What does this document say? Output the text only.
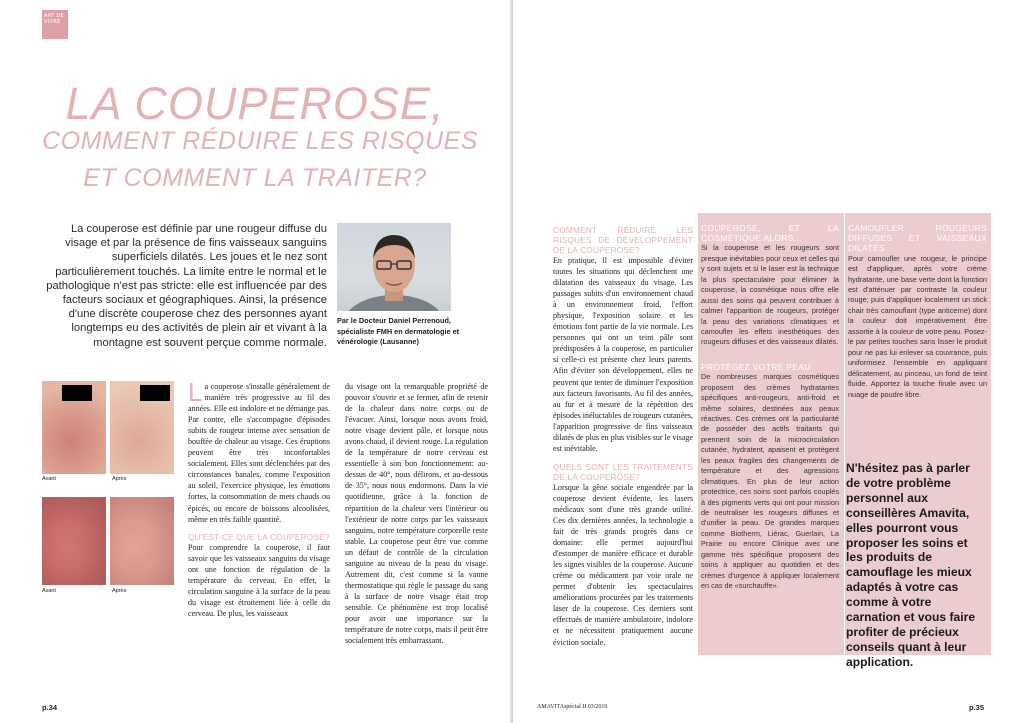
ART DE VIVRE
LA COUPEROSE,
COMMENT RÉDUIRE LES RISQUES
ET COMMENT LA TRAITER?

La couperose est définie par une rougeur diffuse du visage et par la présence de fins vaisseaux sanguins superficiels dilatés. Les joues et le nez sont particulièrement touchés. La limite entre le normal et le pathologique n'est pas stricte: elle est influencée par des facteurs sociaux et géographiques. Ainsi, la présence d'une discrète couperose chez des personnes ayant longtemps eu des activités de plein air et vivant à la montagne est souvent perçue comme normale.

Par le Docteur Daniel Perrenoud, spécialiste FMH en dermatologie et vénérologie (Lausanne)

Avant	Après
Avant	Après

La couperose s'installe généralement de manière très progressive au fil des années. Elle est indolore et ne démange pas. Par contre, elle s'accompagne d'épisodes subits de rougeur intense avec sensation de bouffée de chaleur au visage. Ces éruptions peuvent être très inconfortables socialement. Elles sont déclenchées par des circonstances banales, comme l'exposition au soleil, l'exercice physique, les émotions fortes, la consommation de mets chauds ou épicés, ou encore de boissons alcoolisées, même en très faible quantité.

QU'EST-CE QUE LA COUPEROSE?

Pour comprendre la couperose, il faut savoir que les vaisseaux sanguins du visage ont une fonction de régulation de la température du cerveau. En effet, la circulation sanguine à la surface de la peau du visage est étroitement liée à celle du cerveau. De plus, les vaisseaux

du visage ont la remarquable propriété de pouvoir s'ouvrir et se fermer, afin de retenir de la chaleur dans notre corps ou de l'évacuer. Ainsi, lorsque nous avons froid, notre visage devient pâle, et lorsque nous avons chaud, il devient rouge. La régulation de la température de notre cerveau est essentielle à son bon fonctionnement: au-dessus de 40°, nous délirons, et au-dessous de 35°, nous nous endormons. Dans la vie quotidienne, grâce à la fonction de répartition de la chaleur vers l'intérieur ou l'extérieur de notre corps par les vaisseaux sanguins, notre température corporelle reste stable. La couperose peut être vue comme un défaut de contrôle de la circulation sanguine au niveau de la peau du visage. Autrement dit, c'est comme si la vanne thermostatique qui règle le passage du sang à la surface de notre visage était trop sensible. Ce phénomène est trop localisé pour avoir une importance sur la température de notre corps, mais il peut être socialement très embarrassant.

p.34

COMMENT RÉDUIRE LES RISQUES DE DÉVELOPPEMENT DE LA COUPEROSE?

En pratique, il est impossible d'éviter toutes les situations qui déclenchent une dilatation des vaisseaux du visage. Les passages subits d'un environnement chaud à un environnement froid, l'effort physique, l'exposition solaire et les émotions font partie de la vie normale. Les personnes qui ont un teint pâle sont prédisposées à la couperose, en particulier si celle-ci est présente chez leurs parents. Afin d'éviter son développement, elles ne peuvent que tenter de diminuer l'exposition aux facteurs favorisants. Au fil des années, au fur et à mesure de la répétition des épisodes inéluctables de rougeurs cutanées, l'apparition progressive de fins vaisseaux dilatés de plus en plus visibles sur le visage est inévitable.

QUELS SONT LES TRAITEMENTS DE LA COUPEROSE?

Lorsque la gêne sociale engendrée par la couperose devient évidente, les lasers médicaux sont d'une très grande utilité. Ces dix dernières années, la technologie a fait de très grands progrès dans ce domaine: elle permet aujourd'hui d'estomper de manière efficace et durable les signes visibles de la couperose. Aucune crème ou médicament par voie orale ne permet d'obtenir les spectaculaires améliorations procurées par les traitements laser de la couperose. Ces derniers sont effectués de manière ambulatoire, indolore et ne nécessitent pratiquement aucune éviction sociale.

COUPEROSE, ET LA COSMÉTIQUE ALORS...

Si la couperose et les rougeurs sont presque inévitables pour ceux et celles qui y sont sujets et si le laser est la technique la plus spectaculaire pour éliminer la couperose, la cosmétique nous offre elle aussi des soins qui peuvent contribuer à calmer l'apparition de rougeurs, protéger la peau des variations climatiques et camoufler les effets inesthétiques des rougeurs diffuses et des vaisseaux dilatés.

PROTÉGEZ VOTRE PEAU

De nombreuses marques cosmétiques proposent des crèmes hydratantes spécifiques anti-rougeurs, anti-froid et même solaires, destinées aux peaux réactives. Ces crèmes ont la particularité de posséder des actifs traitants qui prennent soin de la microcirculation cutanée, hydratent, apaisent et protègent les peaux fragiles des changements de température et des agressions climatiques. En plus de leur action protectrice, ces soins sont parfois couplés à des pigments verts qui ont pour mission de neutraliser les rougeurs diffuses et d'unifier la peau. De grandes marques comme Biotherm, Liérac, Guerlain, La Prairie ou encore Clinique avec une gamme très spécifique proposent des soins à appliquer au quotidien et des crèmes d'urgence à appliquer localement en cas de «surchauffe».

CAMOUFLER ROUGEURS DIFFUSES ET VAISSEAUX DILATÉS

Pour camoufler une rougeur, le principe est d'appliquer, après votre crème hydratante, une base verte dont la fonction est d'atténuer par contraste la couleur rouge; puis d'appliquer localement un stick chair très camouflant (type anticerne) dont la couleur doit impérativement être assortie à la couleur de votre peau. Posez-le par petites touches sans lisser le produit pour ne pas lui enlever sa couvrance, puis uniformisez l'ensemble en appliquant délicatement, au pinceau, un fond de teint fluide. Apportez la touche finale avec un nuage de poudre libre.

N'hésitez pas à parler de votre problème personnel aux conseillères Amavita, elles pourront vous proposer les soins et les produits de camouflage les mieux adaptés à votre cas comme à votre carnation et vous faire profiter de précieux conseils quant à leur application.

AMAVITAspécial II 03/2010	p.35
